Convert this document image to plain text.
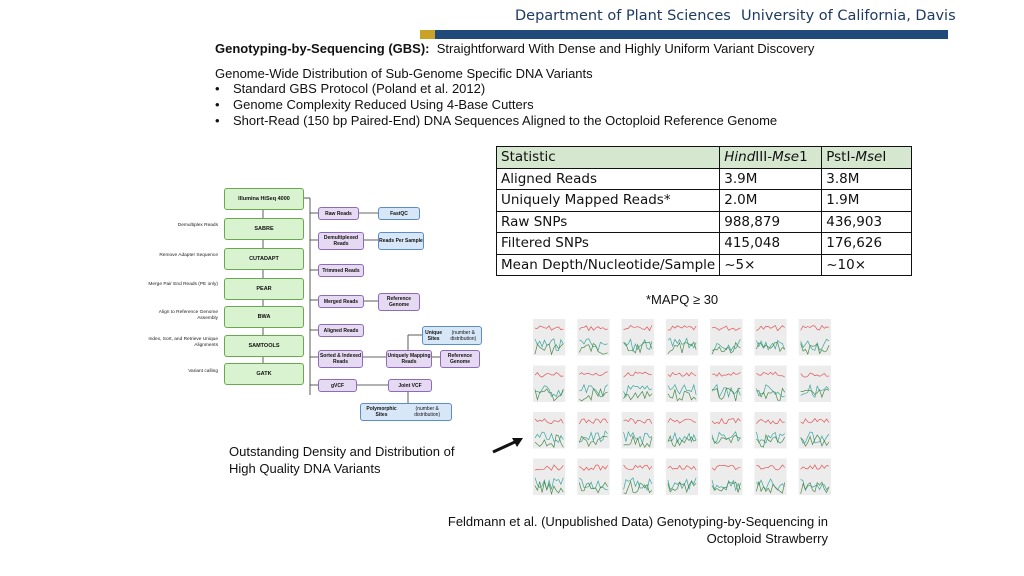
Department of Plant Sciences University of California, Davis
Genotyping-by-Sequencing (GBS): Straightforward With Dense and Highly Uniform Variant Discovery
Genome-Wide Distribution of Sub-Genome Specific DNA Variants
• Standard GBS Protocol (Poland et al. 2012)
• Genome Complexity Reduced Using 4-Base Cutters
• Short-Read (150 bp Paired-End) DNA Sequences Aligned to the Octoploid Reference Genome
Statistic	HindIII-Mse1	PstI-MseI
Aligned Reads	3.9M	3.8M
Uniquely Mapped Reads*	2.0M	1.9M
Raw SNPs	988,879	436,903
Filtered SNPs	415,048	176,626
Mean Depth/Nucleotide/Sample	~5×	~10×
*MAPQ ≥ 30
Demultiplex Reads
Remove Adapter Sequence
Merge Pair End Reads (PE only)
Align to Reference Genome Assembly
Index, Sort, and Retrieve Unique Alignments
Variant calling
Illumina HiSeq 4000
SABRE
CUTADAPT
PEAR
BWA
SAMTOOLS
GATK
Raw Reads	FastQC
Demultiplexed Reads	Reads Per Sample
Trimmed Reads
Merged Reads	Reference Genome
Aligned Reads	Unique Sites

(number & distribution)
Sorted & Indexed Reads
Uniquely Mapping Reads
Reference Genome
gVCF	Joint VCF
Polymorphic Sites

(number & distribution)
Outstanding Density and Distribution of
High Quality DNA Variants
Feldmann et al. (Unpublished Data) Genotyping-by-Sequencing in
Octoploid Strawberry
